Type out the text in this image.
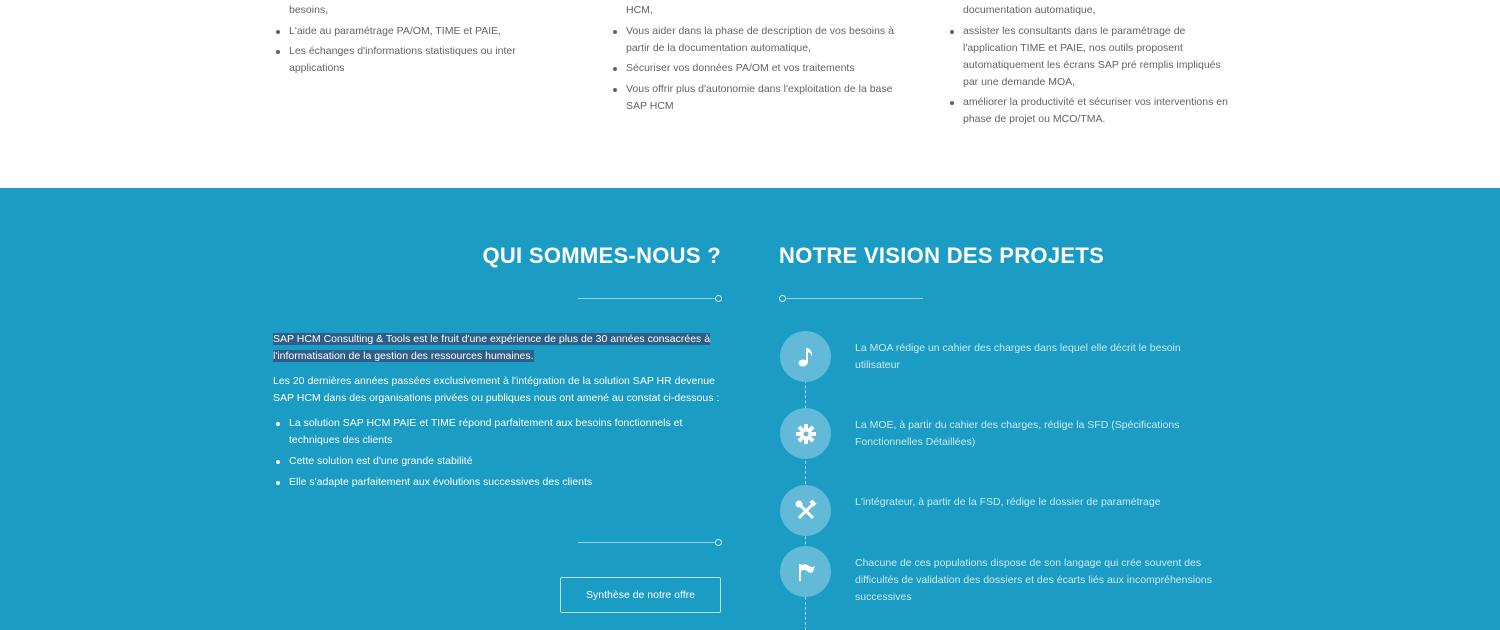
besoins,
L'aide au paramétrage PA/OM, TIME et PAIE,
Les échanges d'informations statistiques ou inter applications
HCM,
Vous aider dans la phase de description de vos besoins à partir de la documentation automatique,
Sécuriser vos données PA/OM et vos traitements
Vous offrir plus d'autonomie dans l'exploitation de la base SAP HCM
documentation automatique,
assister les consultants dans le paramétrage de l'application TIME et PAIE, nos outils proposent automatiquement les écrans SAP pré remplis impliqués par une demande MOA,
améliorer la productivité et sécuriser vos interventions en phase de projet ou MCO/TMA.
QUI SOMMES-NOUS ?	NOTRE VISION DES PROJETS

SAP HCM Consulting & Tools est le fruit d'une expérience de plus de 30 années consacrées à l'informatisation de la gestion des ressources humaines.

Les 20 dernières années passées exclusivement à l'intégration de la solution SAP HR devenue SAP HCM dans des organisations privées ou publiques nous ont amené au constat ci-dessous :

La solution SAP HCM PAIE et TIME répond parfaitement aux besoins fonctionnels et techniques des clients
Cette solution est d'une grande stabilité
Elle s'adapte parfaitement aux évolutions successives des clients
Synthèse de notre offre
La MOA rédige un cahier des charges dans lequel elle décrit le besoin utilisateur
La MOE, à partir du cahier des charges, rédige la SFD (Spécifications Fonctionnelles Détaillées)
L'intégrateur, à partir de la FSD, rédige le dossier de paramétrage
Chacune de ces populations dispose de son langage qui crée souvent des difficultés de validation des dossiers et des écarts liés aux incompréhensions successives
